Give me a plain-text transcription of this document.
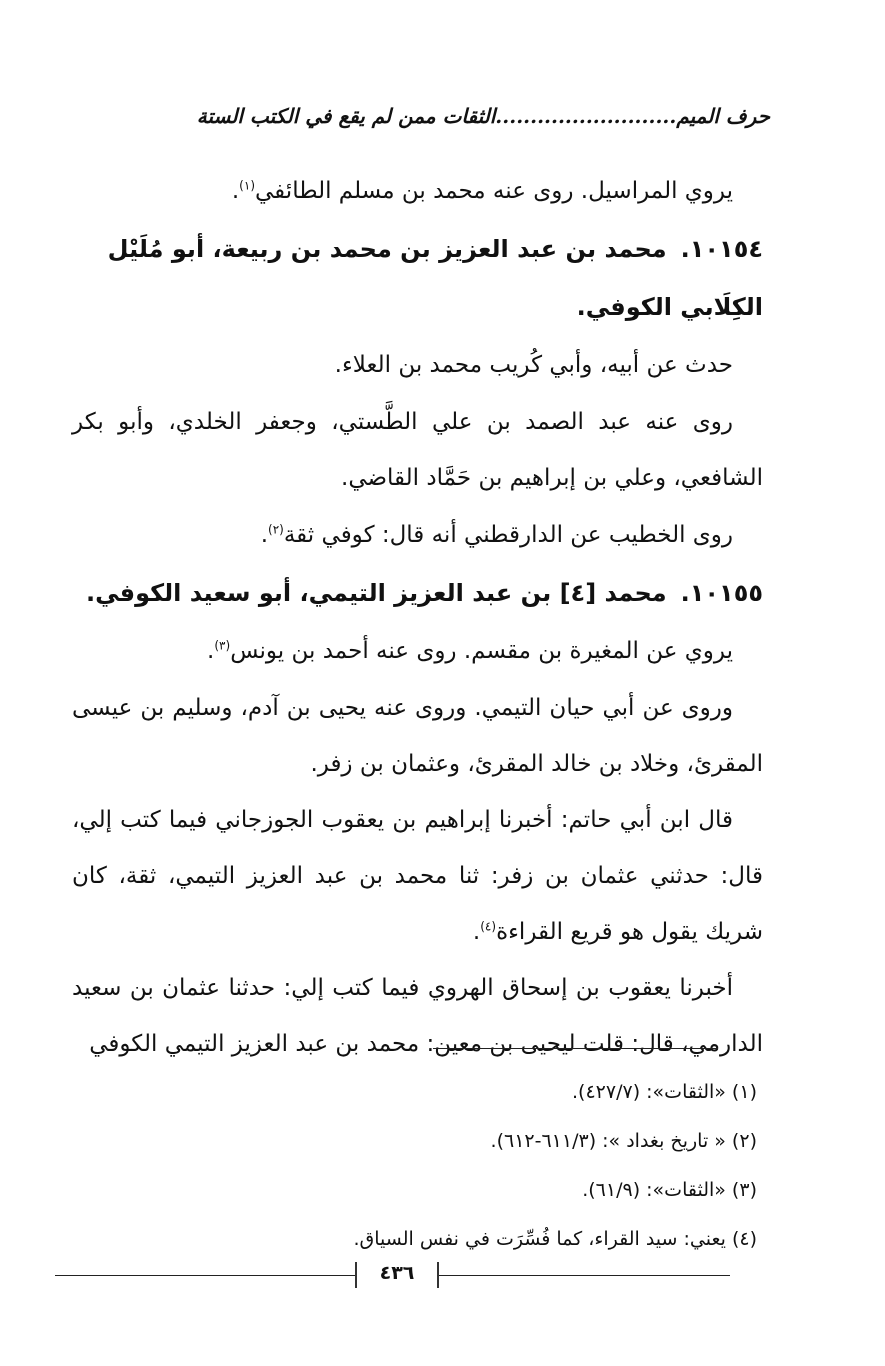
حرف الميم..........................الثقات ممن لم يقع في الكتب الستة

يروي المراسيل. روى عنه محمد بن مسلم الطائفي$^{(١)}$.

١٠١٥٤.محمد بن عبد العزيز بن محمد بن ربيعة، أبو مُلَيْل الكِلَابي الكوفي.

حدث عن أبيه، وأبي كُريب محمد بن العلاء.

روى عنه عبد الصمد بن علي الطَّستي، وجعفر الخلدي، وأبو بكر الشافعي، وعلي بن إبراهيم بن حَمَّاد القاضي.

روى الخطيب عن الدارقطني أنه قال: كوفي ثقة$^{(٢)}$.

١٠١٥٥.محمد [٤] بن عبد العزيز التيمي، أبو سعيد الكوفي.

يروي عن المغيرة بن مقسم. روى عنه أحمد بن يونس$^{(٣)}$.

وروى عن أبي حيان التيمي. وروى عنه يحيى بن آدم، وسليم بن عيسى المقرئ، وخلاد بن خالد المقرئ، وعثمان بن زفر.

قال ابن أبي حاتم: أخبرنا إبراهيم بن يعقوب الجوزجاني فيما كتب إلي، قال: حدثني عثمان بن زفر: ثنا محمد بن عبد العزيز التيمي، ثقة، كان شريك يقول هو قريع القراءة$^{(٤)}$.

أخبرنا يعقوب بن إسحاق الهروي فيما كتب إلي: حدثنا عثمان بن سعيد الدارمي، قال: قلت ليحيى بن معين: محمد بن عبد العزيز التيمي الكوفي

(١) «الثقات»: (٤٢٧/٧).

(٢) « تاريخ بغداد »: (٦١١/٣-٦١٢).

(٣) «الثقات»: (٦١/٩).

(٤) يعني: سيد القراء، كما فُسِّرَت في نفس السياق.

٤٣٦
